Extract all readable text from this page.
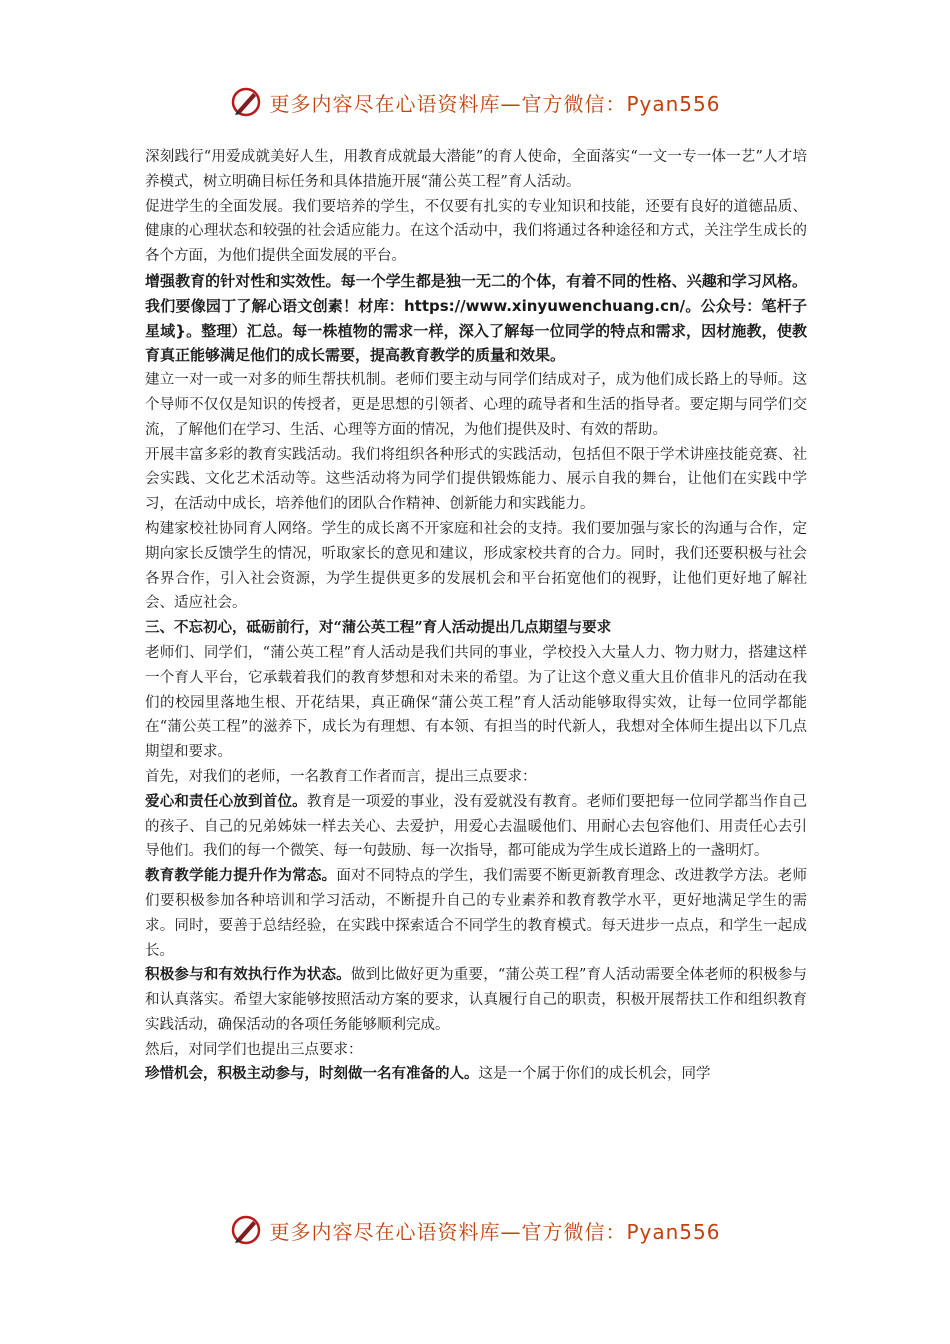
更多内容尽在心语资料库—官方微信：Pyan556

深刻践行“用爱成就美好人生，用教育成就最大潜能”的育人使命，全面落实“一文一专一体一艺”人才培养模式，树立明确目标任务和具体措施开展“蒲公英工程”育人活动。

促进学生的全面发展。我们要培养的学生，不仅要有扎实的专业知识和技能，还要有良好的道德品质、健康的心理状态和较强的社会适应能力。在这个活动中，我们将通过各种途径和方式，关注学生成长的各个方面，为他们提供全面发展的平台。

增强教育的针对性和实效性。每一个学生都是独一无二的个体，有着不同的性格、兴趣和学习风格。我们要像园丁了解心语文创素！材库：https://www.xinyuwenchuang.cn/。公众号：笔杆子星域}。整理）汇总。每一株植物的需求一样，深入了解每一位同学的特点和需求，因材施教，使教育真正能够满足他们的成长需要，提高教育教学的质量和效果。

建立一对一或一对多的师生帮扶机制。老师们要主动与同学们结成对子，成为他们成长路上的导师。这个导师不仅仅是知识的传授者，更是思想的引领者、心理的疏导者和生活的指导者。要定期与同学们交流，了解他们在学习、生活、心理等方面的情况，为他们提供及时、有效的帮助。

开展丰富多彩的教育实践活动。我们将组织各种形式的实践活动，包括但不限于学术讲座技能竞赛、社会实践、文化艺术活动等。这些活动将为同学们提供锻炼能力、展示自我的舞台，让他们在实践中学习，在活动中成长，培养他们的团队合作精神、创新能力和实践能力。

构建家校社协同育人网络。学生的成长离不开家庭和社会的支持。我们要加强与家长的沟通与合作，定期向家长反馈学生的情况，听取家长的意见和建议，形成家校共育的合力。同时，我们还要积极与社会各界合作，引入社会资源，为学生提供更多的发展机会和平台拓宽他们的视野，让他们更好地了解社会、适应社会。

三、不忘初心，砥砺前行，对“蒲公英工程”育人活动提出几点期望与要求

老师们、同学们，“蒲公英工程”育人活动是我们共同的事业，学校投入大量人力、物力财力，搭建这样一个育人平台，它承载着我们的教育梦想和对未来的希望。为了让这个意义重大且价值非凡的活动在我们的校园里落地生根、开花结果，真正确保“蒲公英工程”育人活动能够取得实效，让每一位同学都能在“蒲公英工程”的滋养下，成长为有理想、有本领、有担当的时代新人，我想对全体师生提出以下几点期望和要求。

首先，对我们的老师，一名教育工作者而言，提出三点要求：

爱心和责任心放到首位。教育是一项爱的事业，没有爱就没有教育。老师们要把每一位同学都当作自己的孩子、自己的兄弟姊妹一样去关心、去爱护，用爱心去温暖他们、用耐心去包容他们、用责任心去引导他们。我们的每一个微笑、每一句鼓励、每一次指导，都可能成为学生成长道路上的一盏明灯。

教育教学能力提升作为常态。面对不同特点的学生，我们需要不断更新教育理念、改进教学方法。老师们要积极参加各种培训和学习活动，不断提升自己的专业素养和教育教学水平，更好地满足学生的需求。同时，要善于总结经验，在实践中探索适合不同学生的教育模式。每天进步一点点，和学生一起成长。

积极参与和有效执行作为状态。做到比做好更为重要，“蒲公英工程”育人活动需要全体老师的积极参与和认真落实。希望大家能够按照活动方案的要求，认真履行自己的职责，积极开展帮扶工作和组织教育实践活动，确保活动的各项任务能够顺利完成。

然后，对同学们也提出三点要求：

珍惜机会，积极主动参与，时刻做一名有准备的人。这是一个属于你们的成长机会，同学

更多内容尽在心语资料库—官方微信：Pyan556
